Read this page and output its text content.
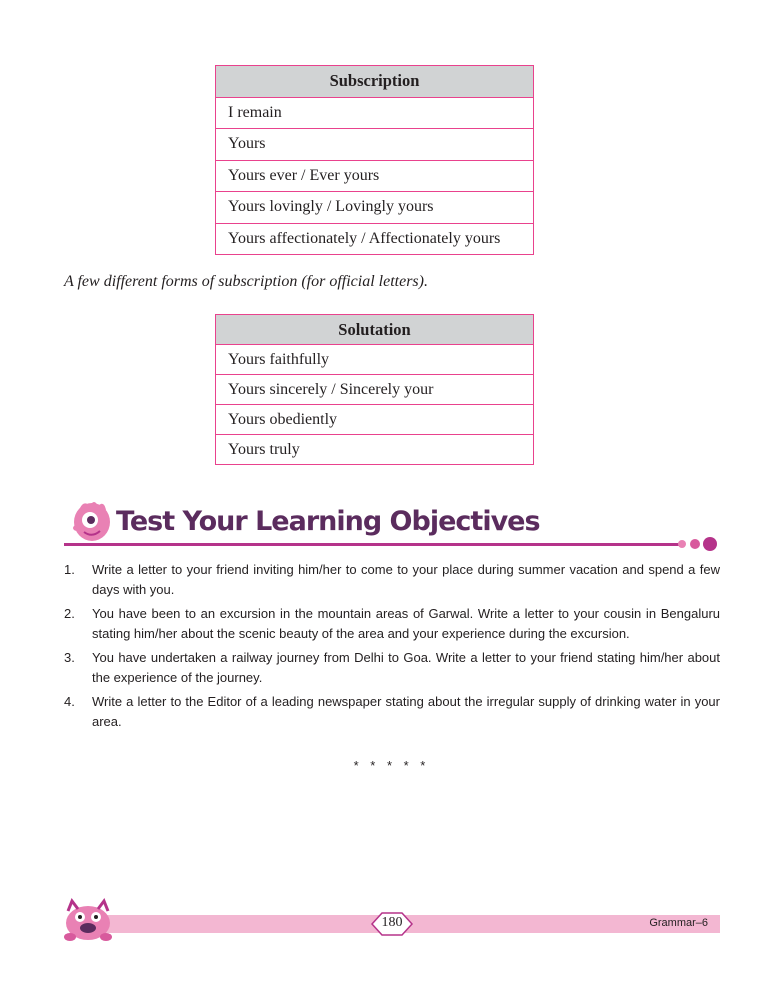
Subscription
I remain
Yours
Yours ever / Ever yours
Yours lovingly / Lovingly yours
Yours affectionately / Affectionately yours

A few different forms of subscription (for official letters).

Solutation
Yours faithfully
Yours sincerely / Sincerely your
Yours obediently
Yours truly

Test Your Learning Objectives

1. Write a letter to your friend inviting him/her to come to your place during summer vacation and spend a few days with you.
2. You have been to an excursion in the mountain areas of Garwal. Write a letter to your cousin in Bengaluru stating him/her about the scenic beauty of the area and your experience during the excursion.
3. You have undertaken a railway journey from Delhi to Goa. Write a letter to your friend stating him/her about the experience of the journey.
4. Write a letter to the Editor of a leading newspaper stating about the irregular supply of drinking water in your area.
* * * * *
180	Grammar–6
